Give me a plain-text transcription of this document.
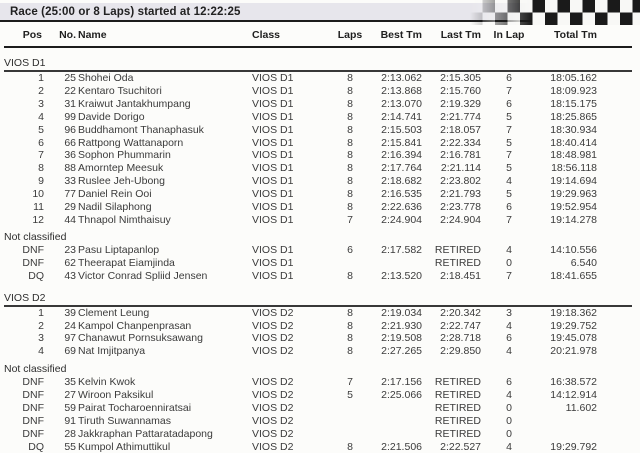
Race (25:00 or 8 Laps) started at 12:22:25
Pos	No.	Name	Class	Laps	Best Tm	Last Tm	In Lap	Total Tm	

VIOS D1									
1	25	Shohei Oda	VIOS D1	8	2:13.062	2:15.305	6	18:05.162	
2	22	Kentaro Tsuchitori	VIOS D1	8	2:13.868	2:15.760	7	18:09.923	
3	31	Kraiwut Jantakhumpang	VIOS D1	8	2:13.070	2:19.329	6	18:15.175	
4	99	Davide Dorigo	VIOS D1	8	2:14.741	2:21.774	5	18:25.865	
5	96	Buddhamont Thanaphasuk	VIOS D1	8	2:15.503	2:18.057	7	18:30.934	
6	66	Rattpong Wattanaporn	VIOS D1	8	2:15.841	2:22.334	5	18:40.414	
7	36	Sophon Phummarin	VIOS D1	8	2:16.394	2:16.781	7	18:48.981	
8	88	Amorntep Meesuk	VIOS D1	8	2:17.764	2:21.114	5	18:56.118	
9	33	Ruslee Jeh-Ubong	VIOS D1	8	2:18.682	2:23.802	4	19:14.694	
10	77	Daniel Rein Ooi	VIOS D1	8	2:16.535	2:21.793	5	19:29.963	
11	29	Nadil Silaphong	VIOS D1	8	2:22.636	2:23.778	6	19:52.954	
12	44	Thnapol Nimthaisuy	VIOS D1	7	2:24.904	2:24.904	7	19:14.278	

Not classified									
DNF	23	Pasu Liptapanlop	VIOS D1	6	2:17.582	RETIRED	4	14:10.556	
DNF	62	Theerapat Eiamjinda	VIOS D1			RETIRED	0	6.540	
DQ	43	Victor Conrad Spliid Jensen	VIOS D1	8	2:13.520	2:18.451	7	18:41.655	

VIOS D2									
1	39	Clement Leung	VIOS D2	8	2:19.034	2:20.342	3	19:18.362	
2	24	Kampol Chanpenprasan	VIOS D2	8	2:21.930	2:22.747	4	19:29.752	
3	97	Chanawut Pornsuksawang	VIOS D2	8	2:19.508	2:28.718	6	19:45.078	
4	69	Nat Imjitpanya	VIOS D2	8	2:27.265	2:29.850	4	20:21.978	

Not classified									
DNF	35	Kelvin Kwok	VIOS D2	7	2:17.156	RETIRED	6	16:38.572	
DNF	27	Wiroon Paksikul	VIOS D2	5	2:25.066	RETIRED	4	14:12.914	
DNF	59	Pairat Tocharoenniratsai	VIOS D2			RETIRED	0	11.602	
DNF	91	Tiruth Suwannamas	VIOS D2			RETIRED	0		
DNF	28	Jakkraphan Pattaratadapong	VIOS D2			RETIRED	0		
DQ	55	Kumpol Athimuttikul	VIOS D2	8	2:21.506	2:22.527	4	19:29.792	
